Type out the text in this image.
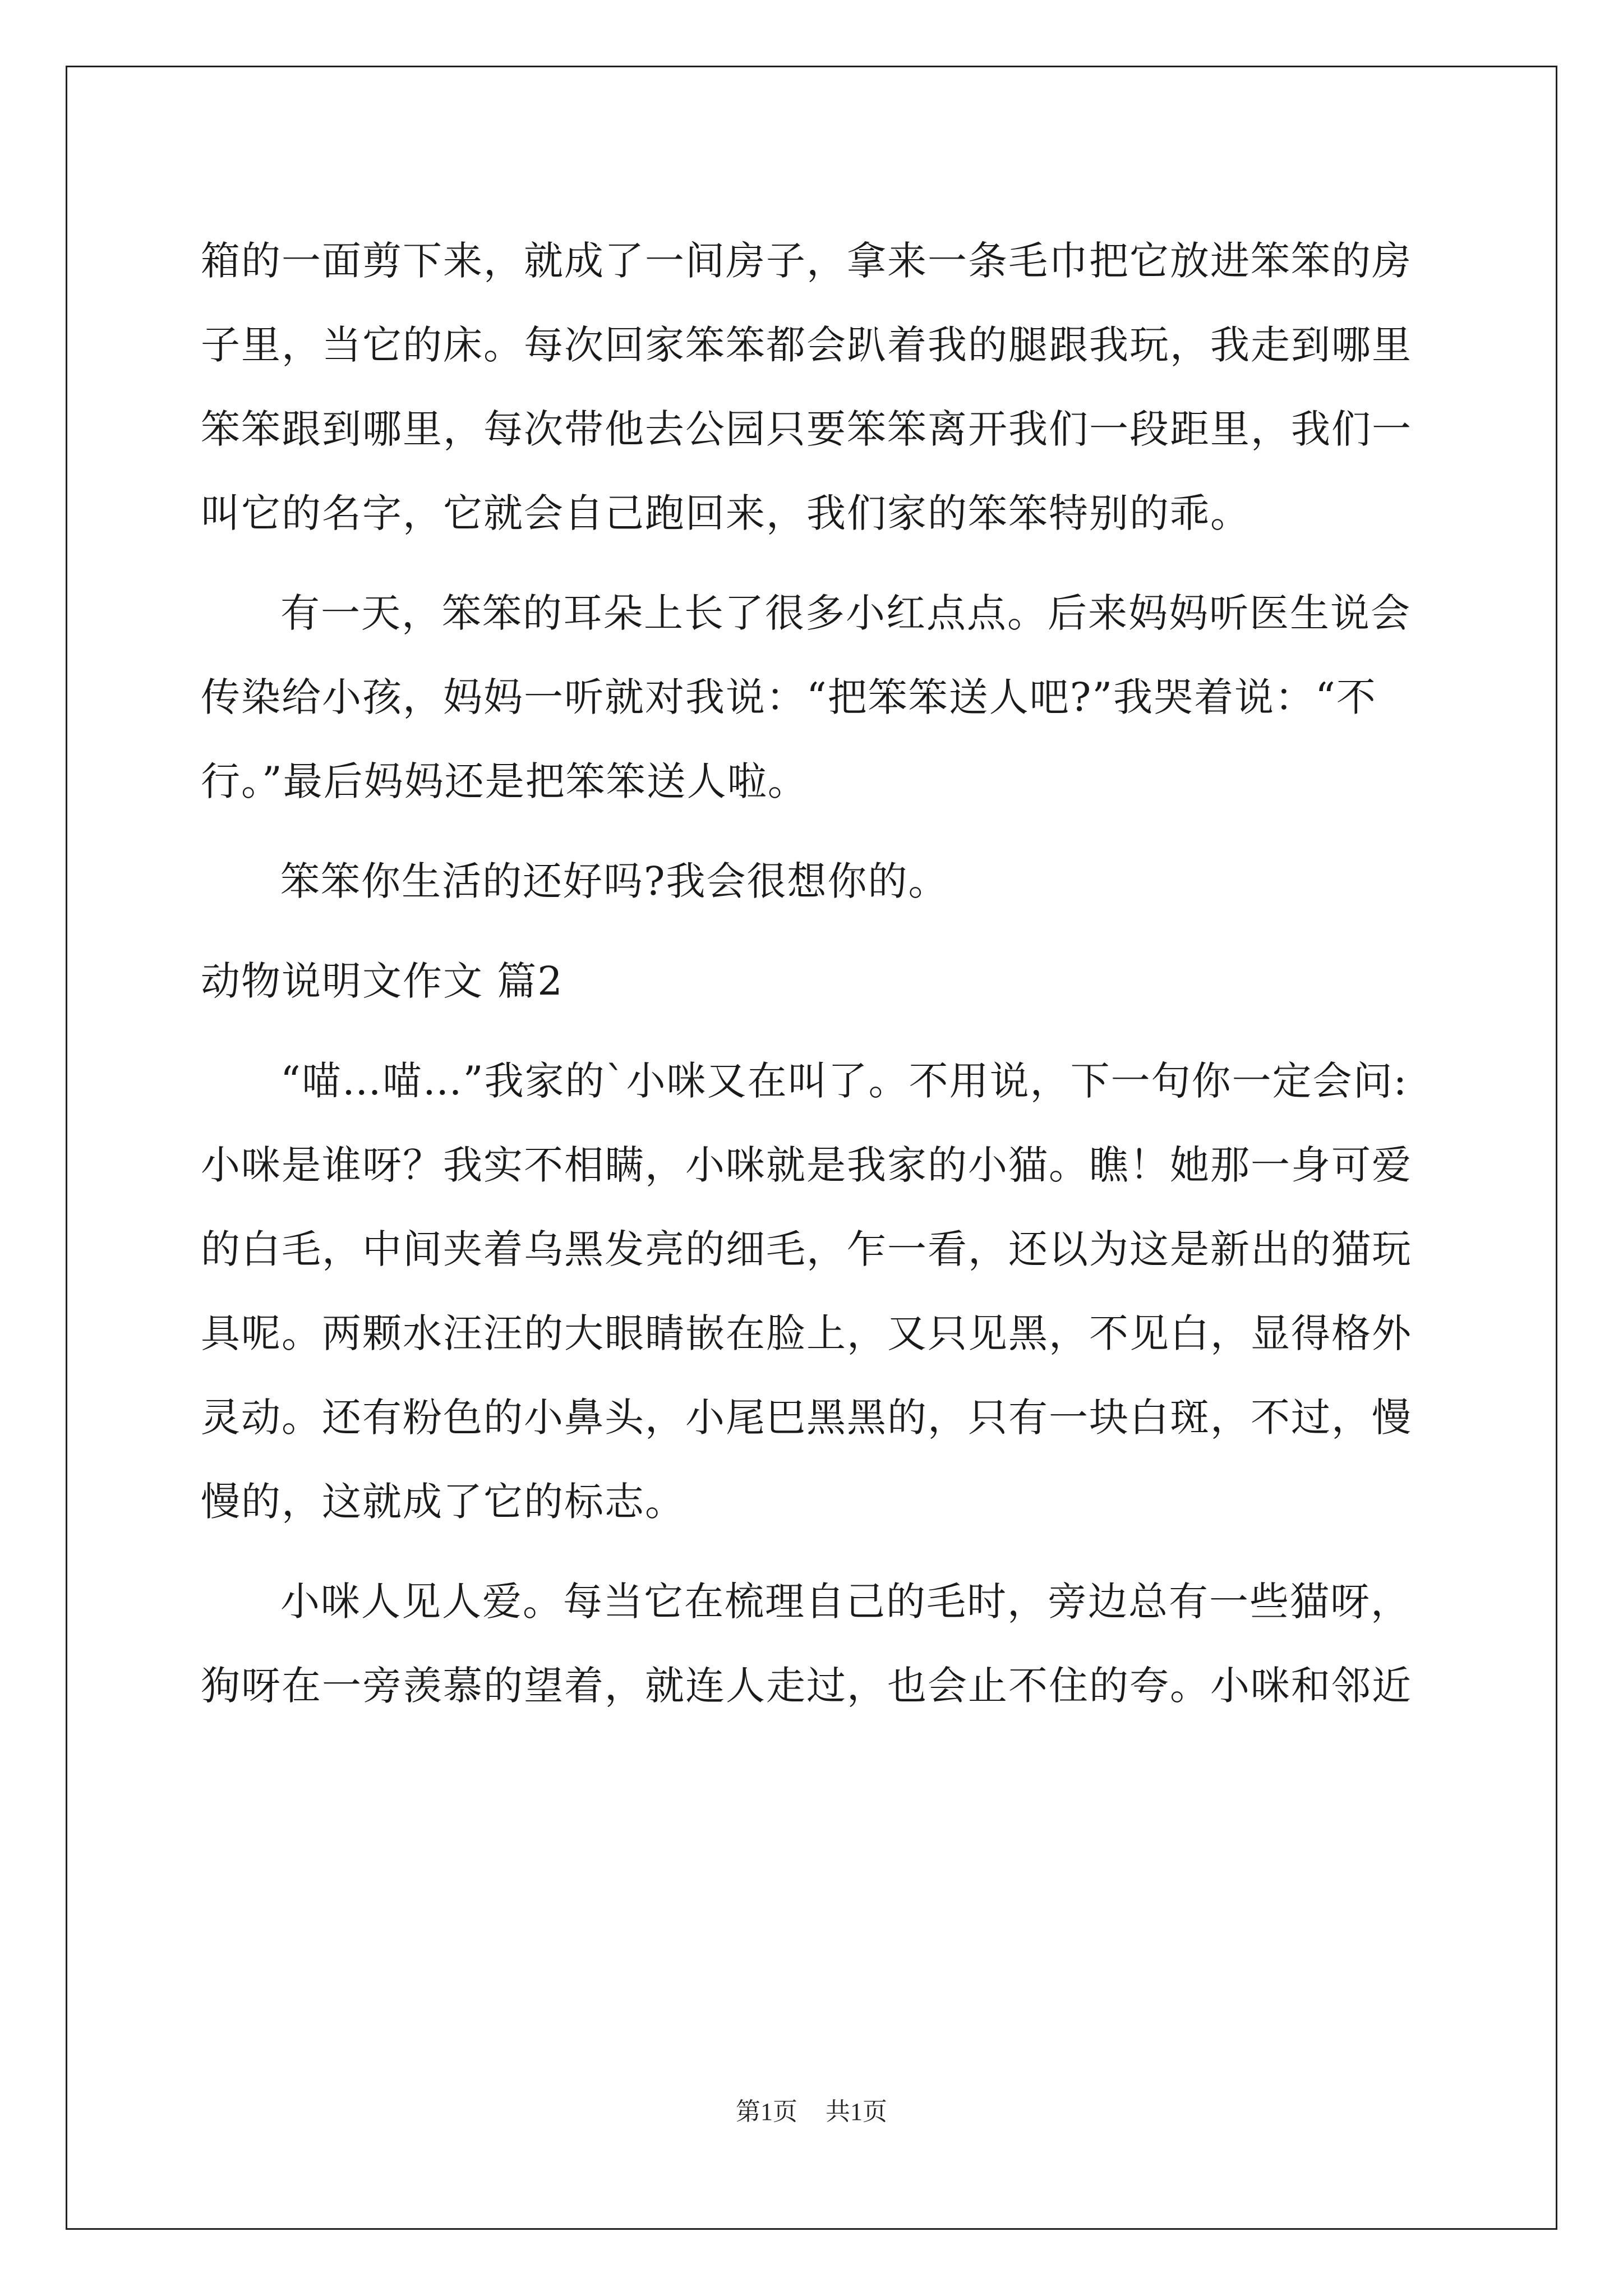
箱的一面剪下来，就成了一间房子，拿来一条毛巾把它放进笨笨的房
子里，当它的床。每次回家笨笨都会趴着我的腿跟我玩，我走到哪里
笨笨跟到哪里，每次带他去公园只要笨笨离开我们一段距里，我们一
叫它的名字，它就会自己跑回来，我们家的笨笨特别的乖。
有一天，笨笨的耳朵上长了很多小红点点。后来妈妈听医生说会
传染给小孩，妈妈一听就对我说：“把笨笨送人吧?”我哭着说：“不
行。”最后妈妈还是把笨笨送人啦。
笨笨你生活的还好吗?我会很想你的。
动物说明文作文 篇2
“喵…喵…”我家的`小咪又在叫了。不用说，下一句你一定会问:
小咪是谁呀？我实不相瞒，小咪就是我家的小猫。瞧！她那一身可爱
的白毛，中间夹着乌黑发亮的细毛，乍一看，还以为这是新出的猫玩
具呢。两颗水汪汪的大眼睛嵌在脸上，又只见黑，不见白，显得格外
灵动。还有粉色的小鼻头，小尾巴黑黑的，只有一块白斑，不过，慢
慢的，这就成了它的标志。
小咪人见人爱。每当它在梳理自己的毛时，旁边总有一些猫呀，
狗呀在一旁羡慕的望着，就连人走过，也会止不住的夸。小咪和邻近
第1页 共1页
